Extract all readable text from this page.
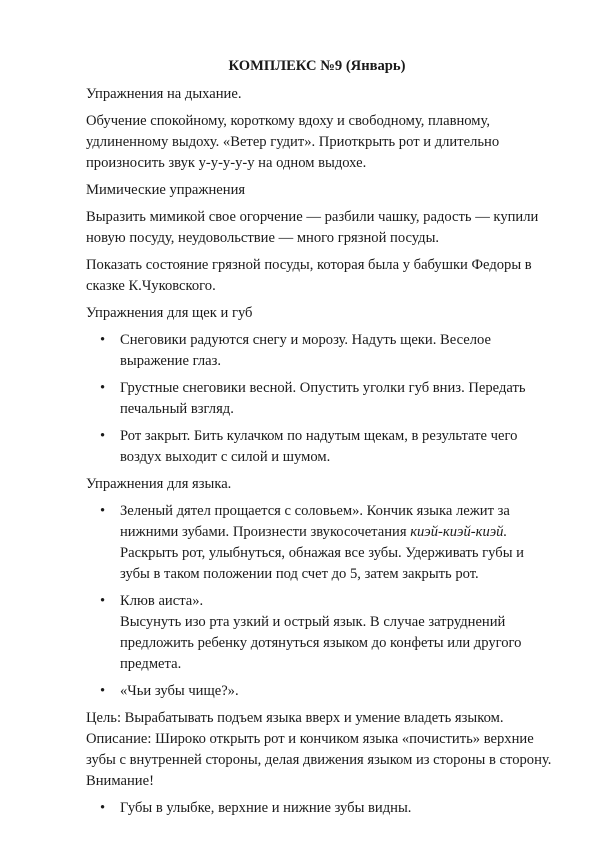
КОМПЛЕКС №9 (Январь)

Упражнения на дыхание.

Обучение спокойному, короткому вдоху и свободному, плавному, удлиненному выдоху. «Ветер гудит». Приоткрыть рот и длительно произносить звук у-у-у-у-у на одном выдохе.

Мимические упражнения

Выразить мимикой свое огорчение — разбили чашку, радость — купили новую посуду, неудовольствие — много грязной посуды.

Показать состояние грязной посуды, которая была у бабушки Федоры в сказке К.Чуковского.

Упражнения для щек и губ

• Снеговики радуются снегу и морозу. Надуть щеки. Веселое выражение глаз.
• Грустные снеговики весной. Опустить уголки губ вниз. Передать печальный взгляд.
• Рот закрыт. Бить кулачком по надутым щекам, в результате чего воздух выходит с силой и шумом.

Упражнения для языка.

• Зеленый дятел прощается с соловьем». Кончик языка лежит за нижними зубами. Произнести звукосочетания киэй-киэй-киэй. Раскрыть рот, улыбнуться, обнажая все зубы. Удерживать губы и зубы в таком положении под счет до 5, затем закрыть рот.
• Клюв аиста».
Высунуть изо рта узкий и острый язык. В случае затруднений предложить ребенку дотянуться языком до конфеты или другого предмета.
• «Чьи зубы чище?».

Цель: Вырабатывать подъем языка вверх и умение владеть языком.

Описание: Широко открыть рот и кончиком языка «почистить» верхние зубы с внутренней стороны, делая движения языком из стороны в сторону.

Внимание!

• Губы в улыбке, верхние и нижние зубы видны.
